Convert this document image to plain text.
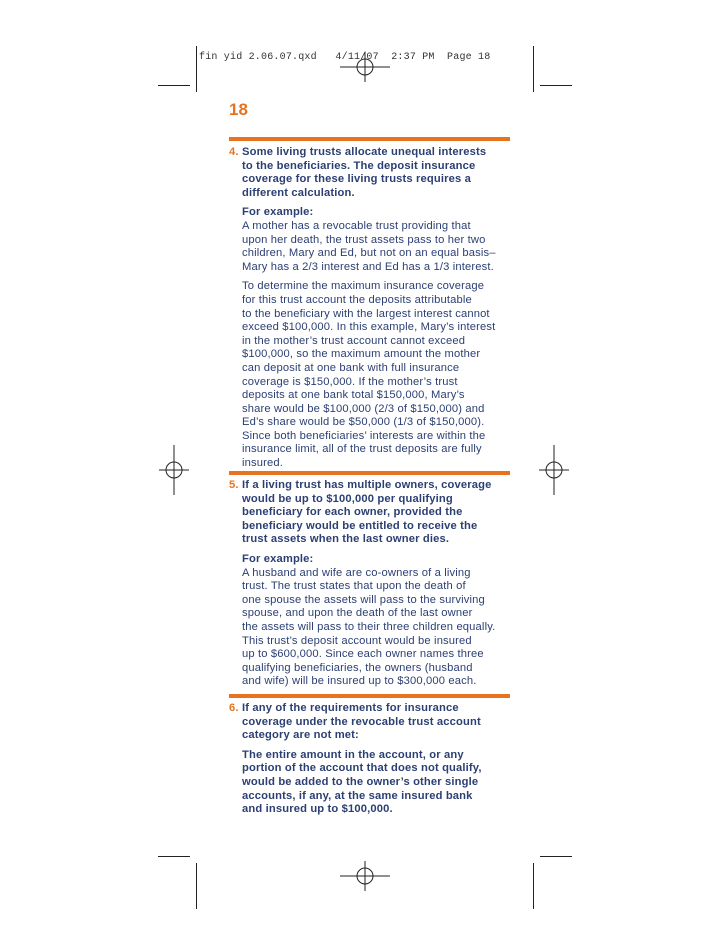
fin yid 2.06.07.qxd   4/11/07  2:37 PM  Page 18
18
4. Some living trusts allocate unequal interests
to the beneficiaries. The deposit insurance
coverage for these living trusts requires a
different calculation.
For example:
A mother has a revocable trust providing that
upon her death, the trust assets pass to her two
children, Mary and Ed, but not on an equal basis–
Mary has a 2/3 interest and Ed has a 1/3 interest.
To determine the maximum insurance coverage
for this trust account the deposits attributable
to the beneficiary with the largest interest cannot
exceed $100,000. In this example, Mary’s interest
in the mother’s trust account cannot exceed
$100,000, so the maximum amount the mother
can deposit at one bank with full insurance
coverage is $150,000. If the mother’s trust
deposits at one bank total $150,000, Mary’s
share would be $100,000 (2/3 of $150,000) and
Ed’s share would be $50,000 (1/3 of $150,000).
Since both beneficiaries’ interests are within the
insurance limit, all of the trust deposits are fully
insured.
5. If a living trust has multiple owners, coverage
would be up to $100,000 per qualifying
beneficiary for each owner, provided the
beneficiary would be entitled to receive the
trust assets when the last owner dies.
For example:
A husband and wife are co-owners of a living
trust. The trust states that upon the death of
one spouse the assets will pass to the surviving
spouse, and upon the death of the last owner
the assets will pass to their three children equally.
This trust’s deposit account would be insured
up to $600,000. Since each owner names three
qualifying beneficiaries, the owners (husband
and wife) will be insured up to $300,000 each.
6. If any of the requirements for insurance
coverage under the revocable trust account
category are not met:
The entire amount in the account, or any
portion of the account that does not qualify,
would be added to the owner’s other single
accounts, if any, at the same insured bank
and insured up to $100,000.
